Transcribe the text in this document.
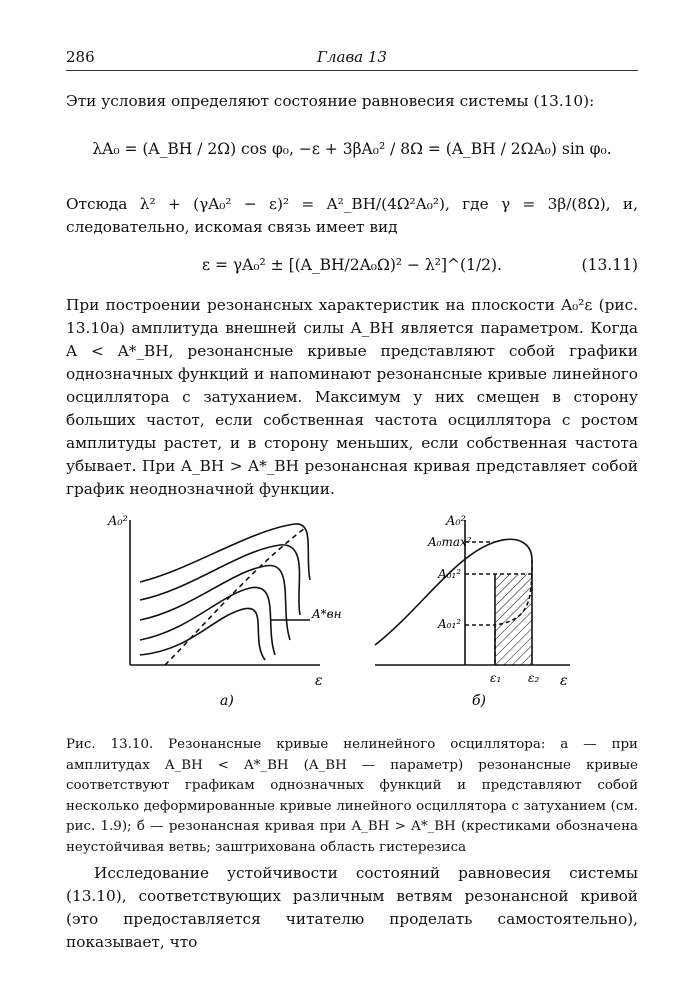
286	Глава 13
Эти условия определяют состояние равновесия системы (13.10):
λA₀ = (A_ВН / 2Ω) cos φ₀, −ε + 3βA₀² / 8Ω = (A_ВН / 2ΩA₀) sin φ₀.
Отсюда λ² + (γA₀² − ε)² = A²_ВН/(4Ω²A₀²), где γ = 3β/(8Ω), и, следовательно, искомая связь имеет вид
ε = γA₀² ± [(A_ВН/2A₀Ω)² − λ²]^(1/2).	(13.11)
При построении резонансных характеристик на плоскости A₀²ε (рис. 13.10а) амплитуда внешней силы A_ВН является параметром. Когда A < A*_ВН, резонансные кривые представляют собой графики однозначных функций и напоминают резонансные кривые линейного осциллятора с затуханием. Максимум у них смещен в сторону больших частот, если собственная частота осциллятора с ростом амплитуды растет, и в сторону меньших, если собственная частота убывает. При A_ВН > A*_ВН резонансная кривая представляет собой график неоднозначной функции.
A₀²
ε
A*вн
а)
A₀²
A₀max²
A₀₁²
A₀₁²
ε₁ ε₂ ε
б)
Рис. 13.10. Резонансные кривые нелинейного осциллятора: а — при амплитудах A_ВН < A*_ВН (A_ВН — параметр) резонансные кривые соответствуют графикам однозначных функций и представляют собой несколько деформированные кривые линейного осциллятора с затуханием (см. рис. 1.9); б — резонансная кривая при A_ВН > A*_ВН (крестиками обозначена неустойчивая ветвь; заштрихована область гистерезиса
Исследование устойчивости состояний равновесия системы (13.10), соответствующих различным ветвям резонансной кривой (это предоставляется читателю проделать самостоятельно), показывает, что
